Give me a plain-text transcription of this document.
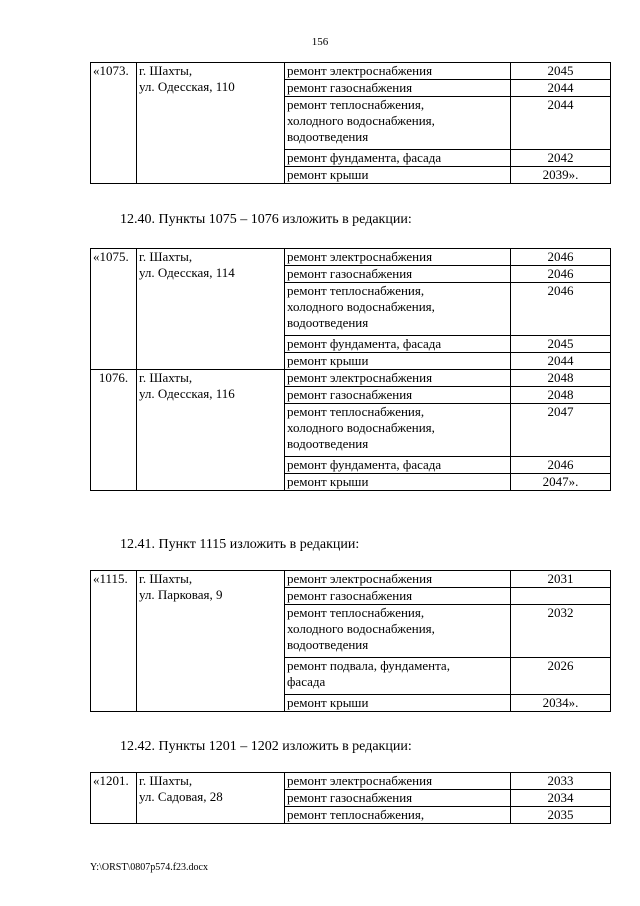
156
«1073.	г. Шахты,
ул. Одесская, 110	ремонт электроснабжения	2045
		ремонт газоснабжения	2044
		ремонт теплоснабжения,
холодного водоснабжения,
водоотведения	2044
		ремонт фундамента, фасада	2042
		ремонт крыши	2039».
12.40. Пункты 1075 – 1076 изложить в редакции:
«1075.	г. Шахты,
ул. Одесская, 114	ремонт электроснабжения	2046
		ремонт газоснабжения	2046
		ремонт теплоснабжения,
холодного водоснабжения,
водоотведения	2046
		ремонт фундамента, фасада	2045
		ремонт крыши	2044
1076.	г. Шахты,
ул. Одесская, 116	ремонт электроснабжения	2048
		ремонт газоснабжения	2048
		ремонт теплоснабжения,
холодного водоснабжения,
водоотведения	2047
		ремонт фундамента, фасада	2046
		ремонт крыши	2047».
12.41. Пункт 1115 изложить в редакции:
«1115.	г. Шахты,
ул. Парковая, 9	ремонт электроснабжения	2031
		ремонт газоснабжения	
		ремонт теплоснабжения,
холодного водоснабжения,
водоотведения	2032
		ремонт подвала, фундамента,
фасада	2026
		ремонт крыши	2034».
12.42. Пункты 1201 – 1202 изложить в редакции:
«1201.	г. Шахты,
ул. Садовая, 28	ремонт электроснабжения	2033
		ремонт газоснабжения	2034
		ремонт теплоснабжения,	2035
Y:\ORST\0807p574.f23.docx
